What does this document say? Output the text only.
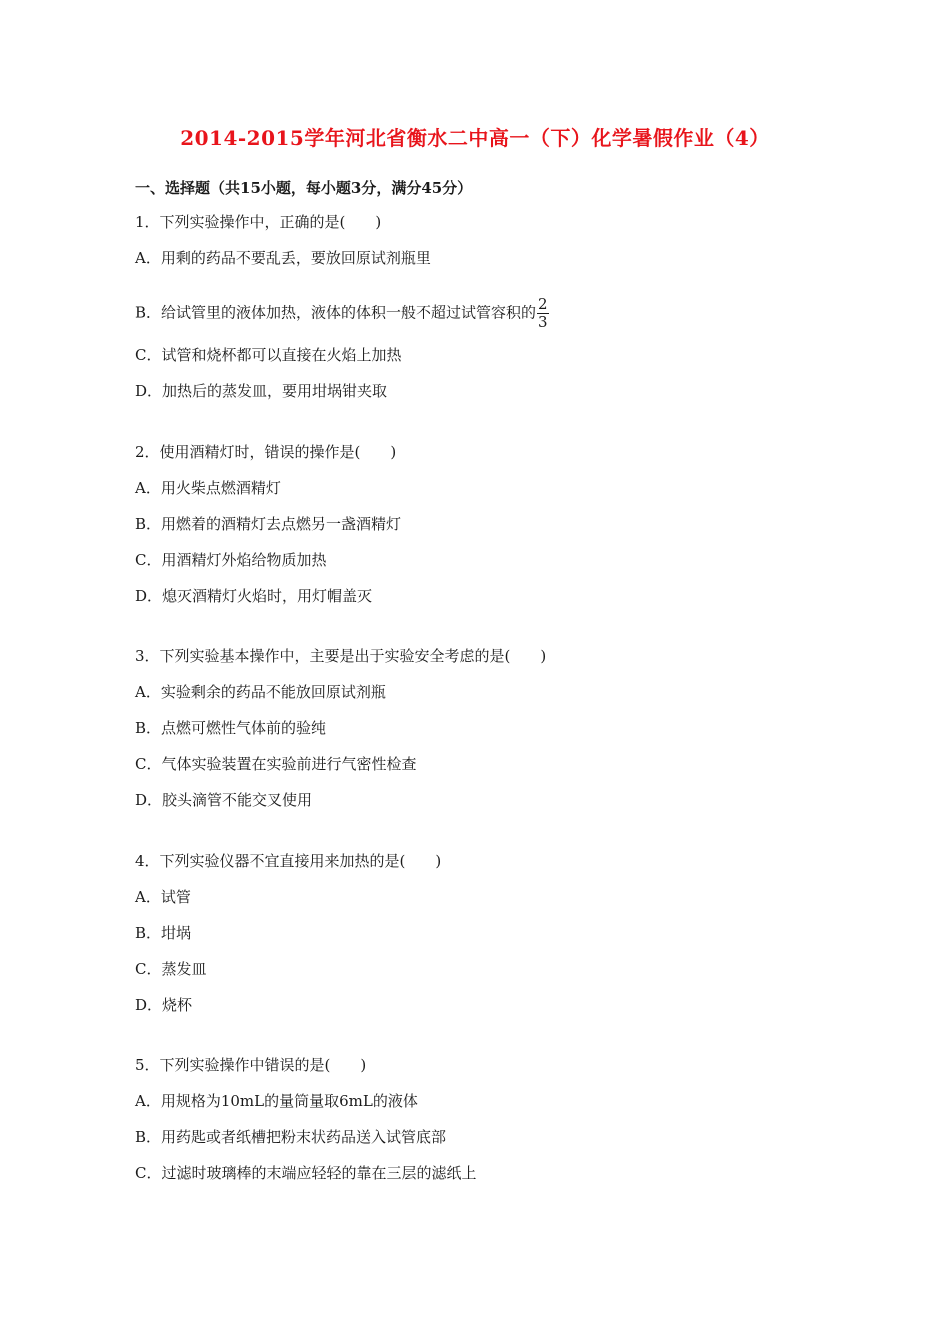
2014-2015学年河北省衡水二中高一（下）化学暑假作业（4）
一、选择题（共15小题，每小题3分，满分45分）
1．下列实验操作中，正确的是(　　)
A．用剩的药品不要乱丢，要放回原试剂瓶里
B．给试管里的液体加热，液体的体积一般不超过试管容积的 $\frac{2}{3}$
C．试管和烧杯都可以直接在火焰上加热
D．加热后的蒸发皿，要用坩埚钳夹取
2．使用酒精灯时，错误的操作是(　　)
A．用火柴点燃酒精灯
B．用燃着的酒精灯去点燃另一盏酒精灯
C．用酒精灯外焰给物质加热
D．熄灭酒精灯火焰时，用灯帽盖灭
3．下列实验基本操作中，主要是出于实验安全考虑的是(　　)
A．实验剩余的药品不能放回原试剂瓶
B．点燃可燃性气体前的验纯
C．气体实验装置在实验前进行气密性检查
D．胶头滴管不能交叉使用
4．下列实验仪器不宜直接用来加热的是(　　)
A．试管
B．坩埚
C．蒸发皿
D．烧杯
5．下列实验操作中错误的是(　　)
A．用规格为10mL的量筒量取6mL的液体
B．用药匙或者纸槽把粉末状药品送入试管底部
C．过滤时玻璃棒的末端应轻轻的靠在三层的滤纸上
